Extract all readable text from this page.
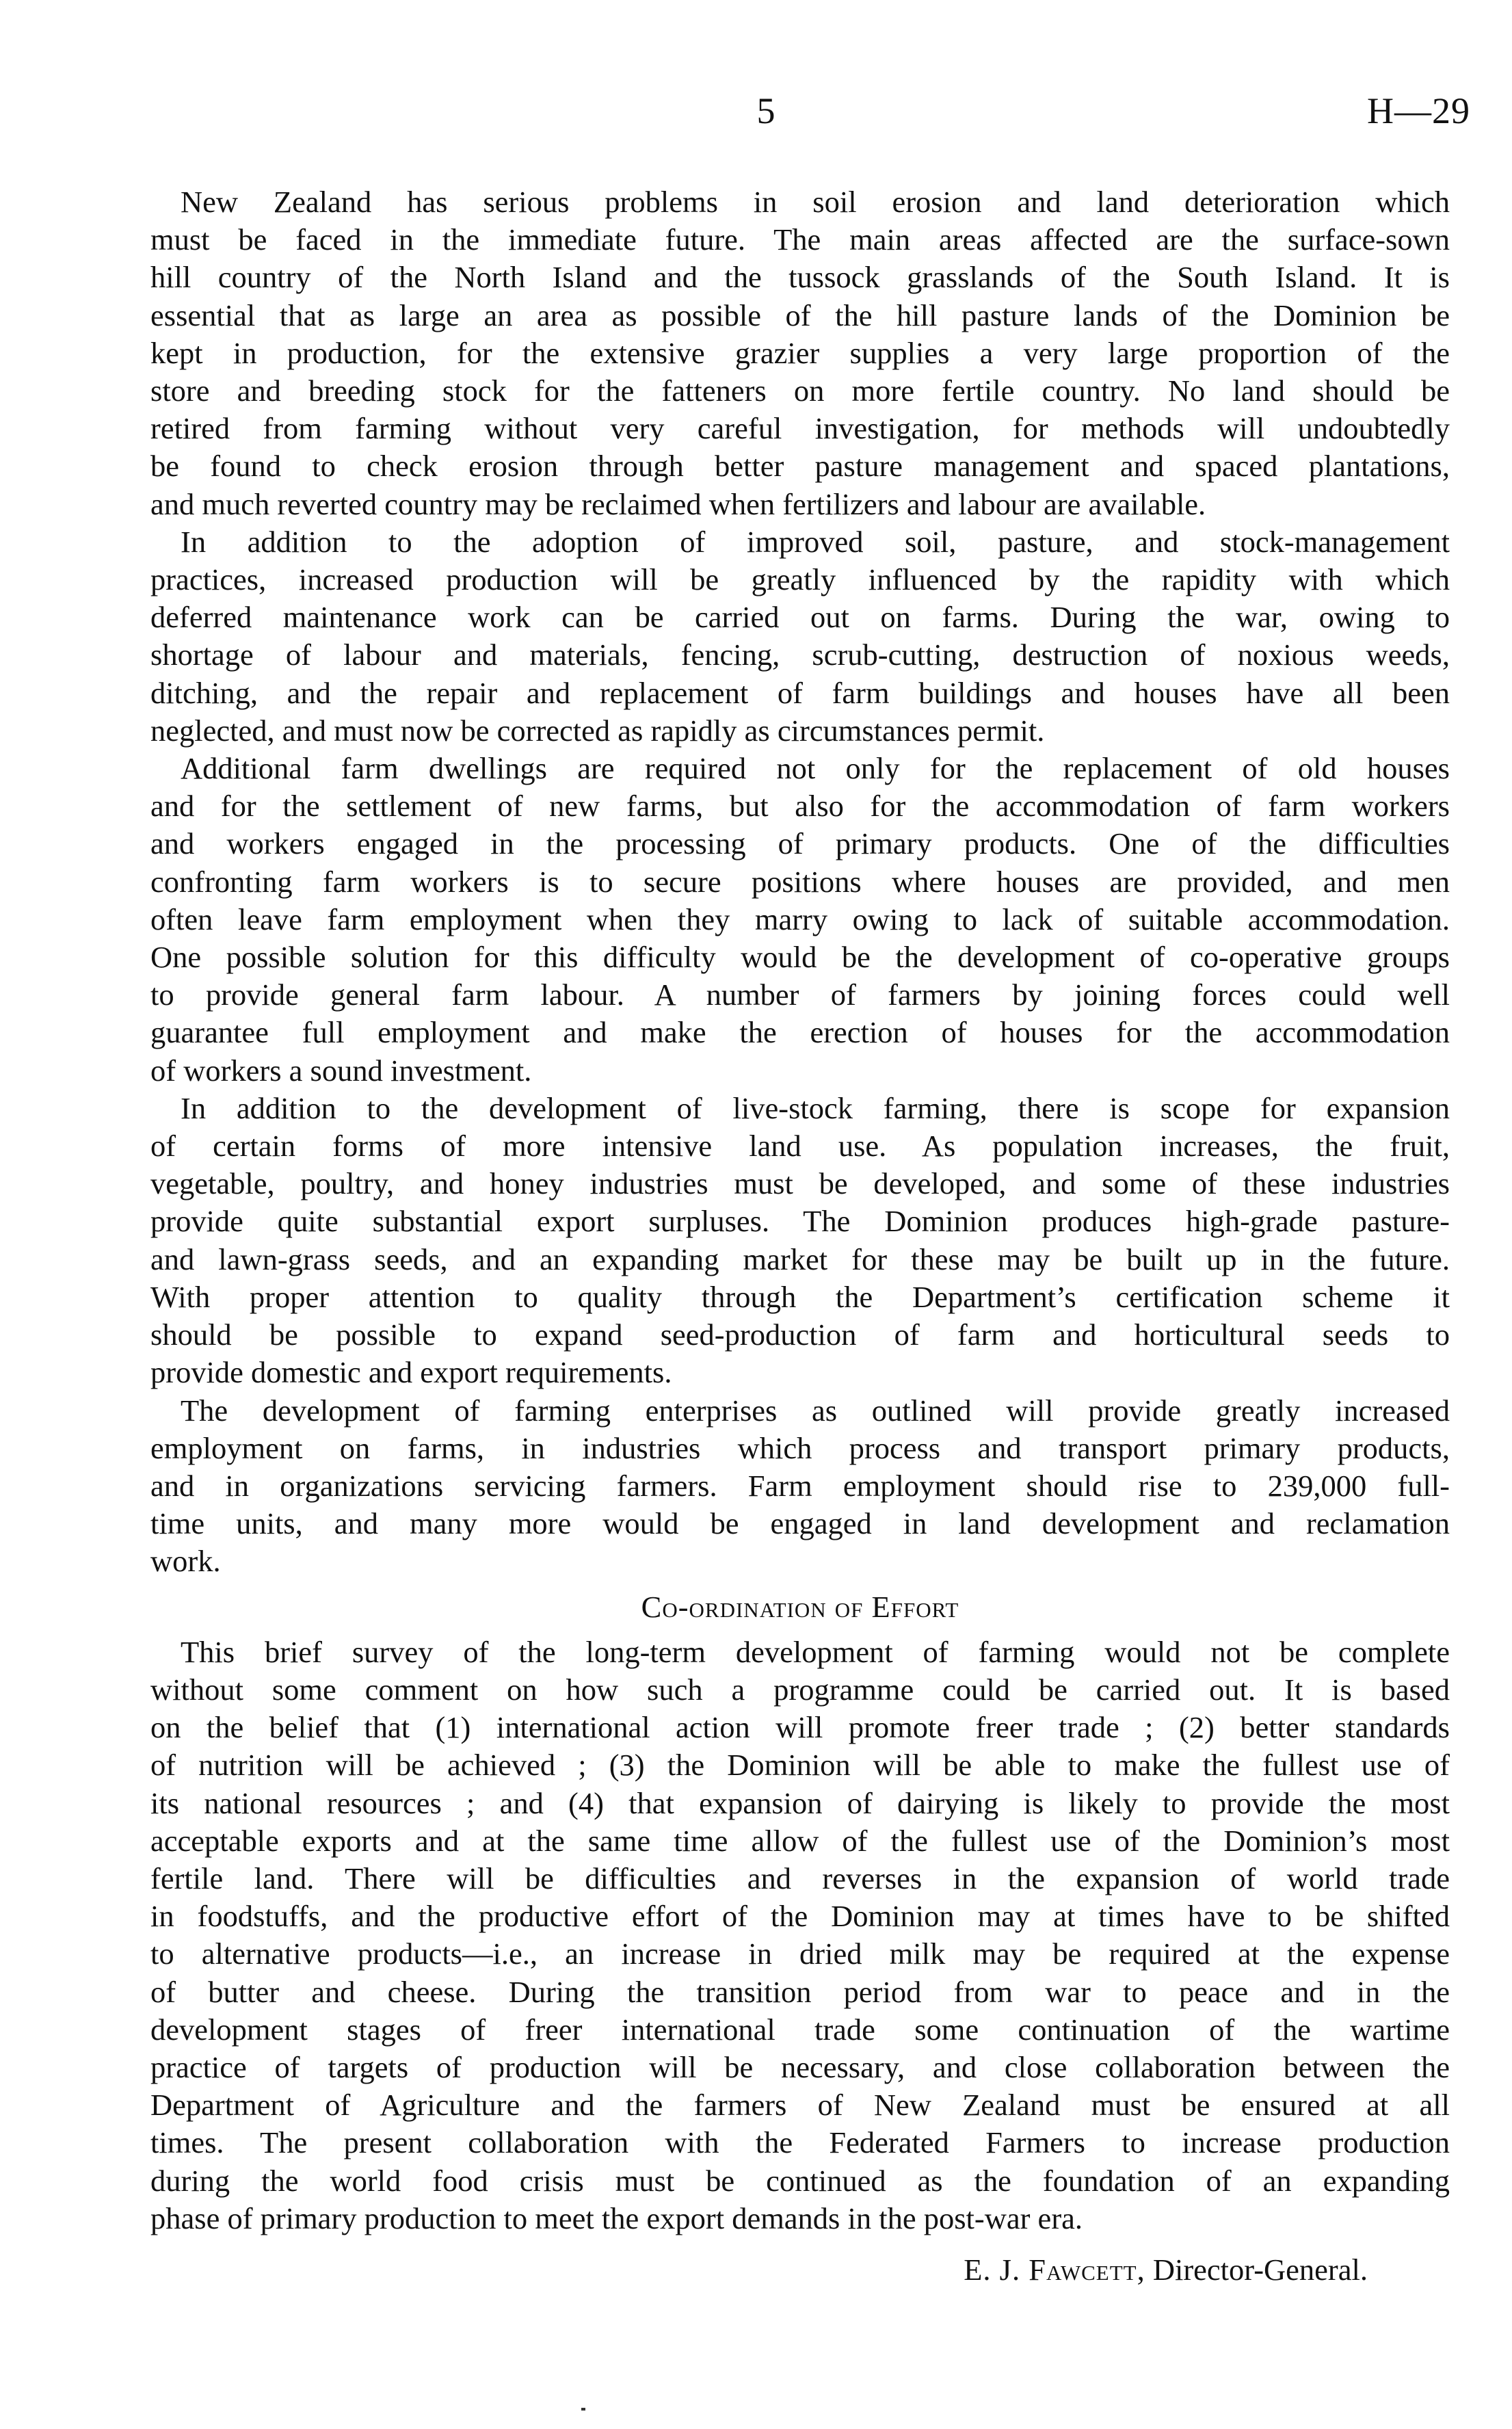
5	H—29
New Zealand has serious problems in soil erosion and land deterioration which
must be faced in the immediate future. The main areas affected are the surface-sown
hill country of the North Island and the tussock grasslands of the South Island. It is
essential that as large an area as possible of the hill pasture lands of the Dominion be
kept in production, for the extensive grazier supplies a very large proportion of the
store and breeding stock for the fatteners on more fertile country. No land should be
retired from farming without very careful investigation, for methods will undoubtedly
be found to check erosion through better pasture management and spaced plantations,
and much reverted country may be reclaimed when fertilizers and labour are available.
In addition to the adoption of improved soil, pasture, and stock-management
practices, increased production will be greatly influenced by the rapidity with which
deferred maintenance work can be carried out on farms. During the war, owing to
shortage of labour and materials, fencing, scrub-cutting, destruction of noxious weeds,
ditching, and the repair and replacement of farm buildings and houses have all been
neglected, and must now be corrected as rapidly as circumstances permit.
Additional farm dwellings are required not only for the replacement of old houses
and for the settlement of new farms, but also for the accommodation of farm workers
and workers engaged in the processing of primary products. One of the difficulties
confronting farm workers is to secure positions where houses are provided, and men
often leave farm employment when they marry owing to lack of suitable accommodation.
One possible solution for this difficulty would be the development of co-operative groups
to provide general farm labour. A number of farmers by joining forces could well
guarantee full employment and make the erection of houses for the accommodation
of workers a sound investment.
In addition to the development of live-stock farming, there is scope for expansion
of certain forms of more intensive land use. As population increases, the fruit,
vegetable, poultry, and honey industries must be developed, and some of these industries
provide quite substantial export surpluses. The Dominion produces high-grade pasture-
and lawn-grass seeds, and an expanding market for these may be built up in the future.
With proper attention to quality through the Department’s certification scheme it
should be possible to expand seed-production of farm and horticultural seeds to
provide domestic and export requirements.
The development of farming enterprises as outlined will provide greatly increased
employment on farms, in industries which process and transport primary products,
and in organizations servicing farmers. Farm employment should rise to 239,000 full-
time units, and many more would be engaged in land development and reclamation
work.
Co-ordination of Effort
This brief survey of the long-term development of farming would not be complete
without some comment on how such a programme could be carried out. It is based
on the belief that (1) international action will promote freer trade ; (2) better standards
of nutrition will be achieved ; (3) the Dominion will be able to make the fullest use of
its national resources ; and (4) that expansion of dairying is likely to provide the most
acceptable exports and at the same time allow of the fullest use of the Dominion’s most
fertile land. There will be difficulties and reverses in the expansion of world trade
in foodstuffs, and the productive effort of the Dominion may at times have to be shifted
to alternative products—i.e., an increase in dried milk may be required at the expense
of butter and cheese. During the transition period from war to peace and in the
development stages of freer international trade some continuation of the wartime
practice of targets of production will be necessary, and close collaboration between the
Department of Agriculture and the farmers of New Zealand must be ensured at all
times. The present collaboration with the Federated Farmers to increase production
during the world food crisis must be continued as the foundation of an expanding
phase of primary production to meet the export demands in the post-war era.
E. J. Fawcett, Director-General.
